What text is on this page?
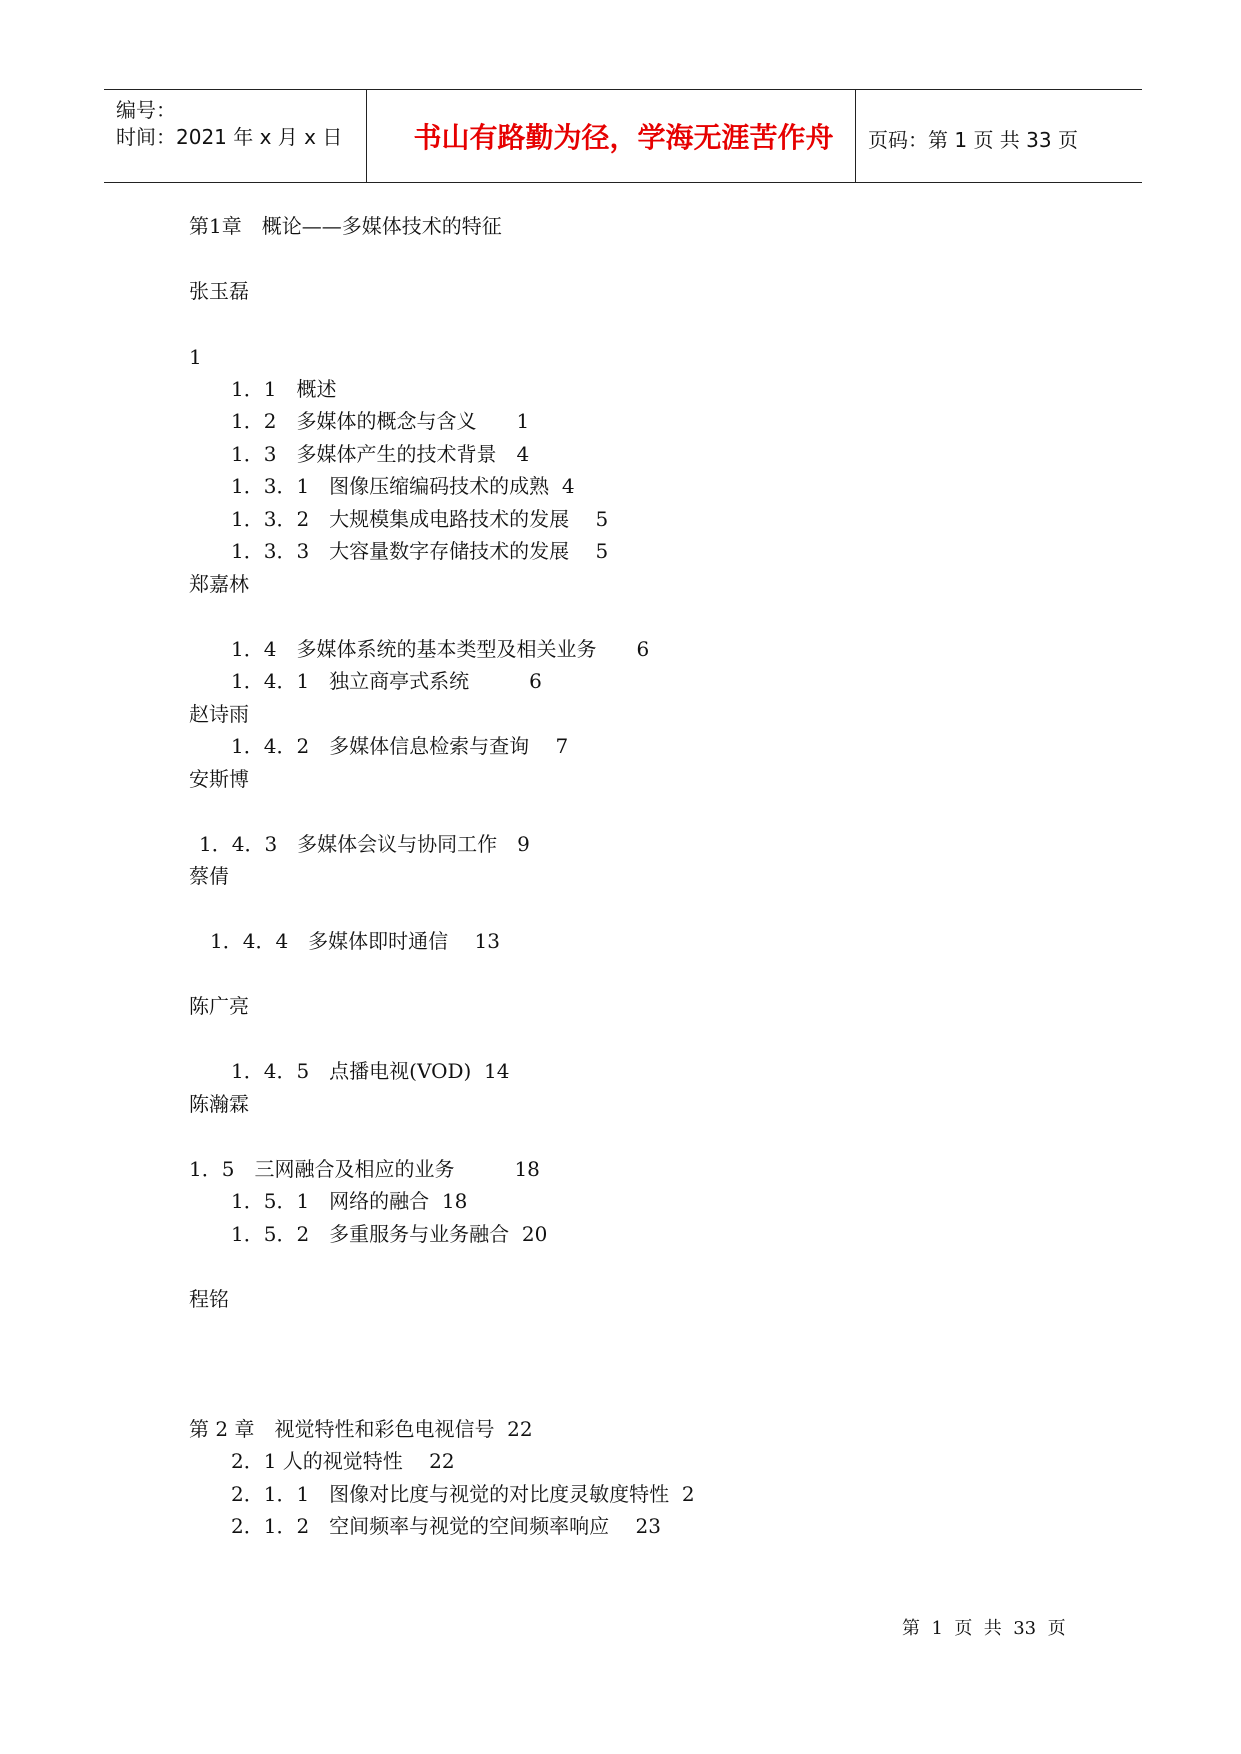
编号：
时间：2021 年 x 月 x 日	书山有路勤为径，学海无涯苦作舟	页码：第 1 页 共 33 页
第1章　概论——多媒体技术的特征
张玉磊
1
1．1　概述
1．2　多媒体的概念与含义　　1
1．3　多媒体产生的技术背景　4
1．3．1　图像压缩编码技术的成熟  4
1．3．2　大规模集成电路技术的发展　 5
1．3．3　大容量数字存储技术的发展　 5
郑嘉林
1．4　多媒体系统的基本类型及相关业务　　6
1．4．1　独立商亭式系统　　　6
赵诗雨
1．4．2　多媒体信息检索与查询　 7
安斯博
1．4．3　多媒体会议与协同工作　9
蔡倩
1．4．4　多媒体即时通信　 13
陈广亮
1．4．5　点播电视(VOD)  14
陈瀚霖
1．5　三网融合及相应的业务　　　18
1．5．1　网络的融合  18
1．5．2　多重服务与业务融合  20
程铭
第 2 章　视觉特性和彩色电视信号  22
2．1 人的视觉特性　 22
2．1．1　图像对比度与视觉的对比度灵敏度特性  2
2．1．2　空间频率与视觉的空间频率响应　 23
第  1  页  共  33  页
